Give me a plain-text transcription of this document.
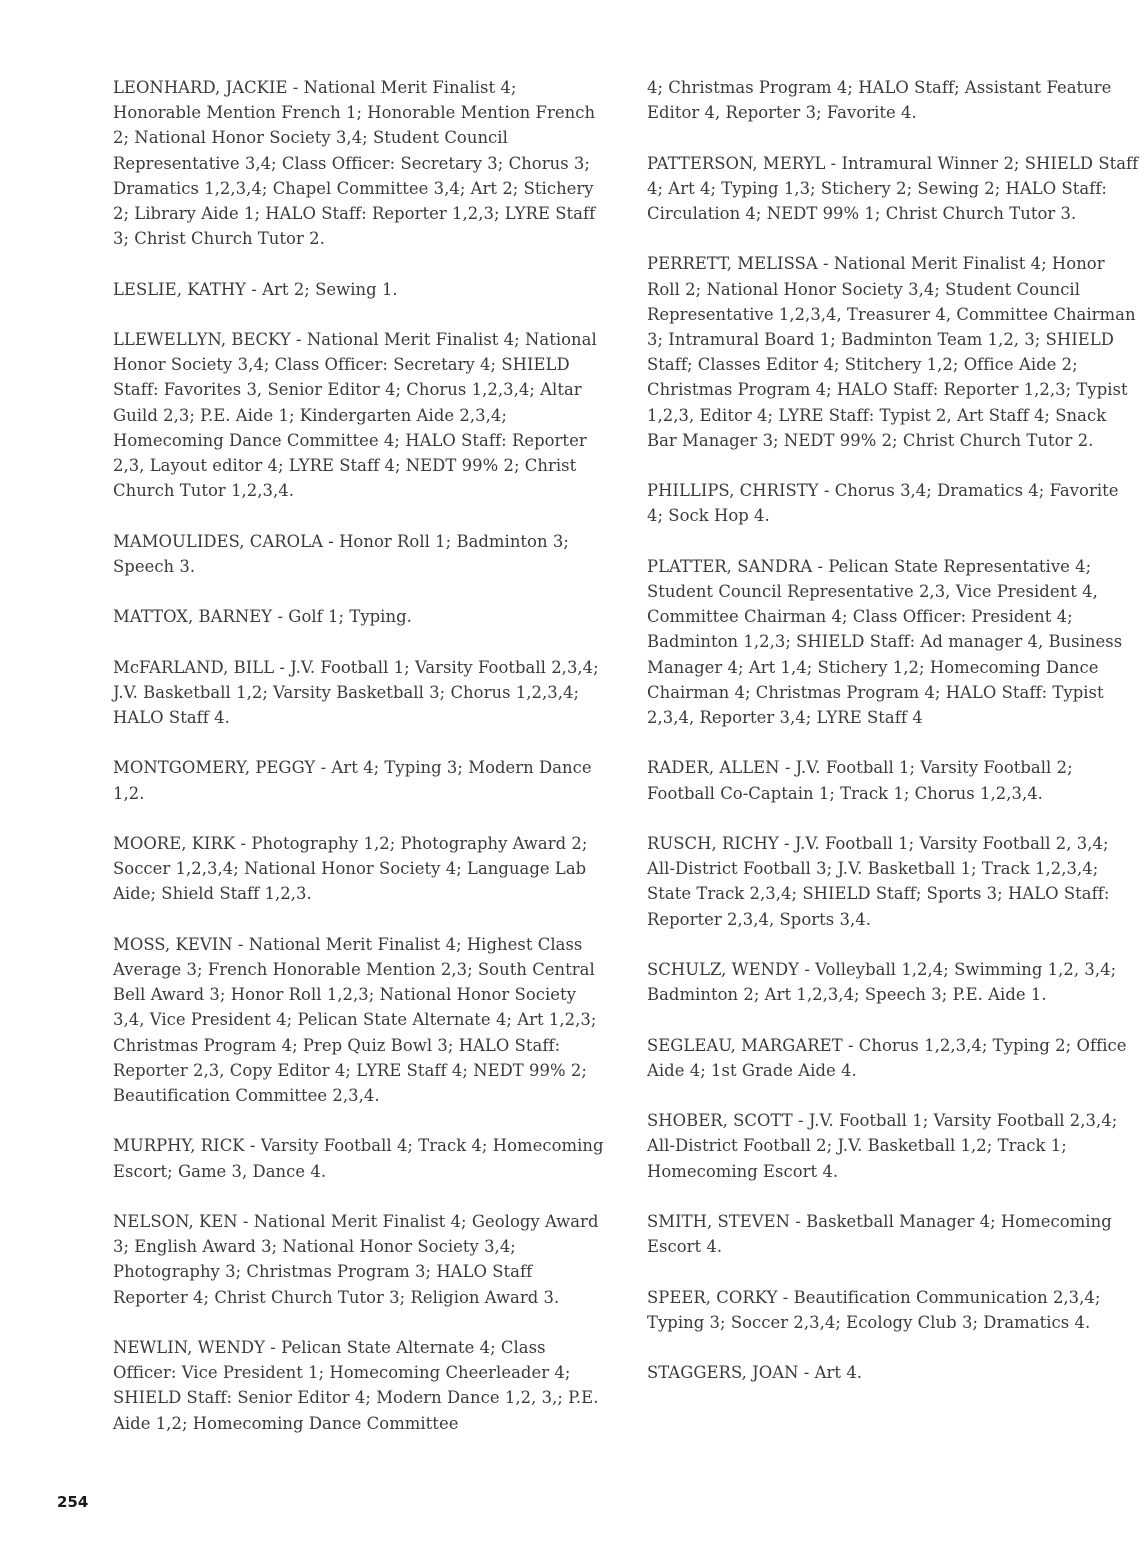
LEONHARD, JACKIE - National Merit Finalist 4; Honorable Mention French 1; Honorable Mention French 2; National Honor Society 3,4; Student Council Representative 3,4; Class Officer: Secretary 3; Chorus 3; Dramatics 1,2,3,4; Chapel Committee 3,4; Art 2; Stichery 2; Library Aide 1; HALO Staff: Reporter 1,2,3; LYRE Staff 3; Christ Church Tutor 2.

LESLIE, KATHY - Art 2; Sewing 1.

LLEWELLYN, BECKY - National Merit Finalist 4; National Honor Society 3,4; Class Officer: Secretary 4; SHIELD Staff: Favorites 3, Senior Editor 4; Chorus 1,2,3,4; Altar Guild 2,3; P.E. Aide 1; Kindergarten Aide 2,3,4; Homecoming Dance Committee 4; HALO Staff: Reporter 2,3, Layout editor 4; LYRE Staff 4; NEDT 99% 2; Christ Church Tutor 1,2,3,4.

MAMOULIDES, CAROLA - Honor Roll 1; Badminton 3; Speech 3.

MATTOX, BARNEY - Golf 1; Typing.

McFARLAND, BILL - J.V. Football 1; Varsity Football 2,3,4; J.V. Basketball 1,2; Varsity Basketball 3; Chorus 1,2,3,4; HALO Staff 4.

MONTGOMERY, PEGGY - Art 4; Typing 3; Modern Dance 1,2.

MOORE, KIRK - Photography 1,2; Photography Award 2; Soccer 1,2,3,4; National Honor Society 4; Language Lab Aide; Shield Staff 1,2,3.

MOSS, KEVIN - National Merit Finalist 4; Highest Class Average 3; French Honorable Mention 2,3; South Central Bell Award 3; Honor Roll 1,2,3; National Honor Society 3,4, Vice President 4; Pelican State Alternate 4; Art 1,2,3; Christmas Program 4; Prep Quiz Bowl 3; HALO Staff: Reporter 2,3, Copy Editor 4; LYRE Staff 4; NEDT 99% 2; Beautification Committee 2,3,4.

MURPHY, RICK - Varsity Football 4; Track 4; Homecoming Escort; Game 3, Dance 4.

NELSON, KEN - National Merit Finalist 4; Geology Award 3; English Award 3; National Honor Society 3,4; Photography 3; Christmas Program 3; HALO Staff Reporter 4; Christ Church Tutor 3; Religion Award 3.

NEWLIN, WENDY - Pelican State Alternate 4; Class Officer: Vice President 1; Homecoming Cheerleader 4; SHIELD Staff: Senior Editor 4; Modern Dance 1,2, 3,; P.E. Aide 1,2; Homecoming Dance Committee

4; Christmas Program 4; HALO Staff; Assistant Feature Editor 4, Reporter 3; Favorite 4.

PATTERSON, MERYL - Intramural Winner 2; SHIELD Staff 4; Art 4; Typing 1,3; Stichery 2; Sewing 2; HALO Staff: Circulation 4; NEDT 99% 1; Christ Church Tutor 3.

PERRETT, MELISSA - National Merit Finalist 4; Honor Roll 2; National Honor Society 3,4; Student Council Representative 1,2,3,4, Treasurer 4, Committee Chairman 3; Intramural Board 1; Badminton Team 1,2, 3; SHIELD Staff; Classes Editor 4; Stitchery 1,2; Office Aide 2; Christmas Program 4; HALO Staff: Reporter 1,2,3; Typist 1,2,3, Editor 4; LYRE Staff: Typist 2, Art Staff 4; Snack Bar Manager 3; NEDT 99% 2; Christ Church Tutor 2.

PHILLIPS, CHRISTY - Chorus 3,4; Dramatics 4; Favorite 4; Sock Hop 4.

PLATTER, SANDRA - Pelican State Representative 4; Student Council Representative 2,3, Vice President 4, Committee Chairman 4; Class Officer: President 4; Badminton 1,2,3; SHIELD Staff: Ad manager 4, Business Manager 4; Art 1,4; Stichery 1,2; Homecoming Dance Chairman 4; Christmas Program 4; HALO Staff: Typist 2,3,4, Reporter 3,4; LYRE Staff 4

RADER, ALLEN - J.V. Football 1; Varsity Football 2; Football Co-Captain 1; Track 1; Chorus 1,2,3,4.

RUSCH, RICHY - J.V. Football 1; Varsity Football 2, 3,4; All-District Football 3; J.V. Basketball 1; Track 1,2,3,4; State Track 2,3,4; SHIELD Staff; Sports 3; HALO Staff: Reporter 2,3,4, Sports 3,4.

SCHULZ, WENDY - Volleyball 1,2,4; Swimming 1,2, 3,4; Badminton 2; Art 1,2,3,4; Speech 3; P.E. Aide 1.

SEGLEAU, MARGARET - Chorus 1,2,3,4; Typing 2; Office Aide 4; 1st Grade Aide 4.

SHOBER, SCOTT - J.V. Football 1; Varsity Football 2,3,4; All-District Football 2; J.V. Basketball 1,2; Track 1; Homecoming Escort 4.

SMITH, STEVEN - Basketball Manager 4; Homecoming Escort 4.

SPEER, CORKY - Beautification Communication 2,3,4; Typing 3; Soccer 2,3,4; Ecology Club 3; Dramatics 4.

STAGGERS, JOAN - Art 4.

254
